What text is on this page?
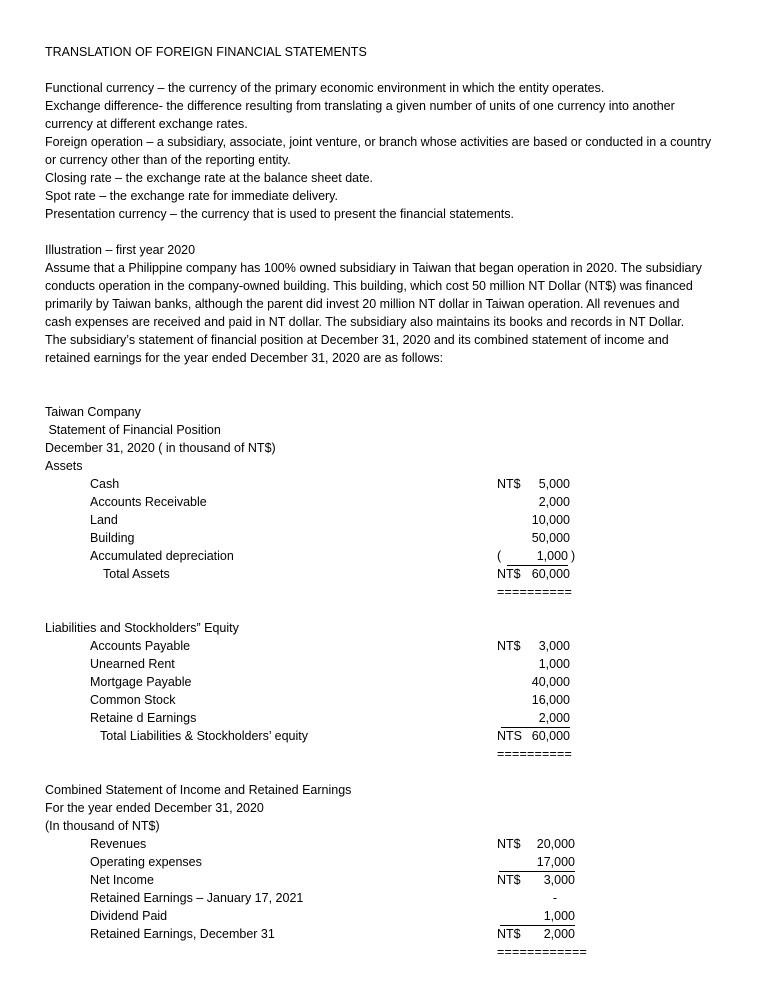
TRANSLATION OF FOREIGN FINANCIAL STATEMENTS

Functional currency – the currency of the primary economic environment in which the entity operates.

Exchange difference- the difference resulting from translating a given number of units of one currency into another

currency at different exchange rates.

Foreign operation – a subsidiary, associate, joint venture, or branch whose activities are based or conducted in a country

or currency other than of the reporting entity.

Closing rate – the exchange rate at the balance sheet date.

Spot rate – the exchange rate for immediate delivery.

Presentation currency – the currency that is used to present the financial statements.

Illustration – first year 2020

Assume that a Philippine company has 100% owned subsidiary in Taiwan that began operation in 2020. The subsidiary

conducts operation in the company-owned building. This building, which cost 50 million NT Dollar (NT$) was financed

primarily by Taiwan banks, although the parent did invest 20 million NT dollar in Taiwan operation. All revenues and

cash expenses are received and paid in NT dollar. The subsidiary also maintains its books and records in NT Dollar.

The subsidiary’s statement of financial position at December 31, 2020 and its combined statement of income and

retained earnings for the year ended December 31, 2020 are as follows:

Taiwan Company

Statement of Financial Position

December 31, 2020 ( in thousand of NT$)

Assets

Cash	NT$ 5,000
Accounts Receivable	2,000
Land	10,000
Building	50,000
Accumulated depreciation	(	1,000 )
Total Assets	NT$ 60,000
==========

Liabilities and Stockholders” Equity

Accounts Payable	NT$ 3,000
Unearned Rent	1,000
Mortgage Payable	40,000
Common Stock	16,000
Retaine d Earnings	2,000
Total Liabilities & Stockholders’ equity	NTS 60,000
==========

Combined Statement of Income and Retained Earnings

For the year ended December 31, 2020

(In thousand of NT$)

Revenues	NT$ 20,000
Operating expenses	17,000
Net Income	NT$ 3,000
Retained Earnings – January 17, 2021	-
Dividend Paid	1,000
Retained Earnings, December 31	NT$ 2,000
============
